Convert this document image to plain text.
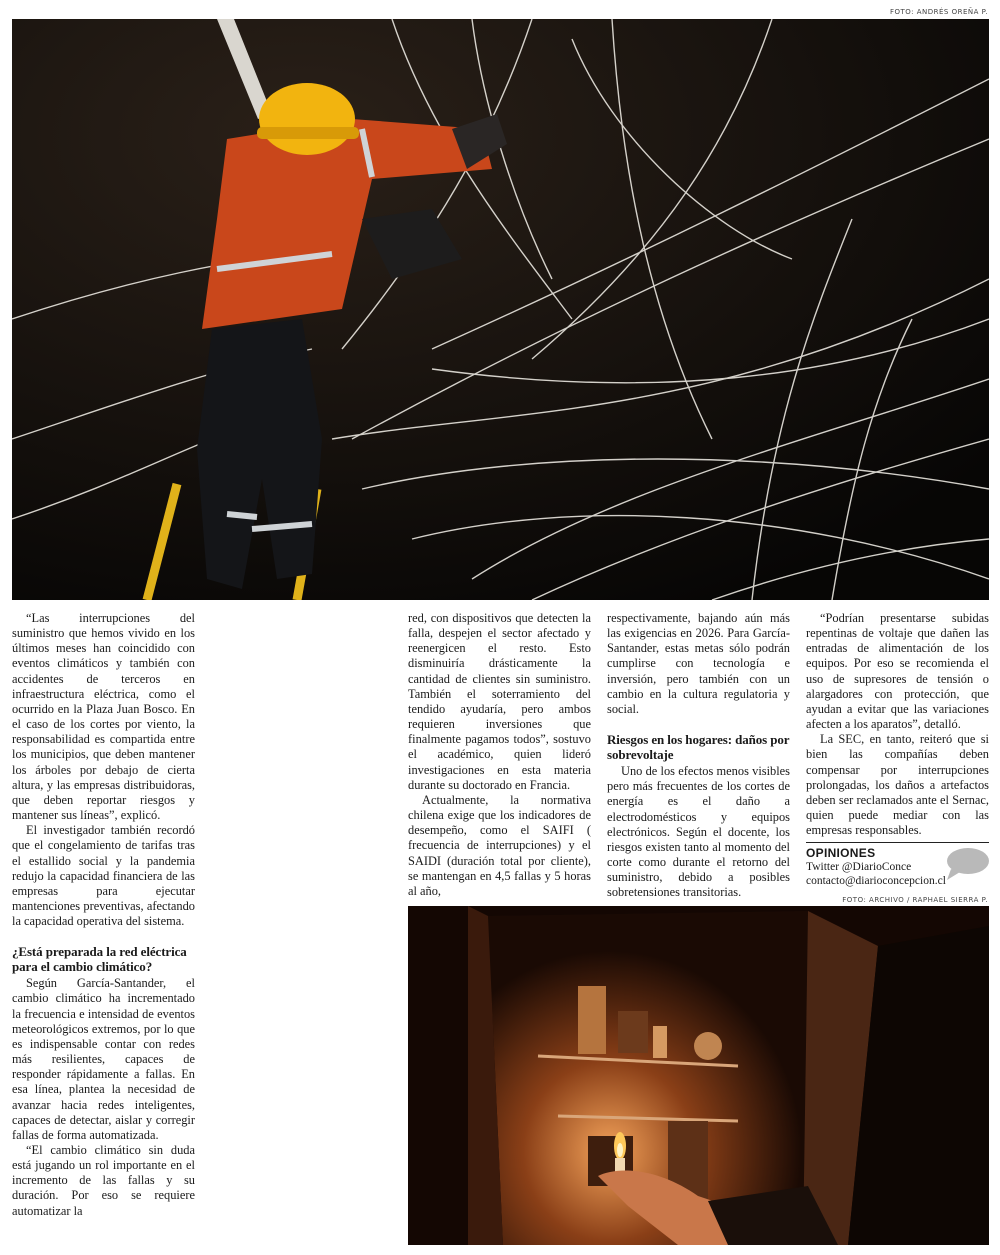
FOTO: ANDRÉS OREÑA P.

“Las interrupciones del suministro que hemos vivido en los últimos meses han coincidido con eventos climáticos y también con accidentes de terceros en infraestructura eléctrica, como el ocurrido en la Plaza Juan Bosco. En el caso de los cortes por viento, la responsabilidad es compartida entre los municipios, que deben mantener los árboles por debajo de cierta altura, y las empresas distribuidoras, que deben reportar riesgos y mantener sus líneas”, explicó.

El investigador también recordó que el congelamiento de tarifas tras el estallido social y la pandemia redujo la capacidad financiera de las empresas para ejecutar mantenciones preventivas, afectando la capacidad operativa del sistema.

¿Está preparada la red eléctrica para el cambio climático?

Según García-Santander, el cambio climático ha incrementado la frecuencia e intensidad de eventos meteorológicos extremos, por lo que es indispensable contar con redes más resilientes, capaces de responder rápidamente a fallas. En esa línea, plantea la necesidad de avanzar hacia redes inteligentes, capaces de detectar, aislar y corregir fallas de forma automatizada.

“El cambio climático sin duda está jugando un rol importante en el incremento de las fallas y su duración. Por eso se requiere automatizar la

red, con dispositivos que detecten la falla, despejen el sector afectado y reenergicen el resto. Esto disminuiría drásticamente la cantidad de clientes sin suministro. También el soterramiento del tendido ayudaría, pero ambos requieren inversiones que finalmente pagamos todos”, sostuvo el académico, quien lideró investigaciones en esta materia durante su doctorado en Francia.

Actualmente, la normativa chilena exige que los indicadores de desempeño, como el SAIFI ( frecuencia de interrupciones) y el SAIDI (duración total por cliente), se mantengan en 4,5 fallas y 5 horas al año,

respectivamente, bajando aún más las exigencias en 2026. Para García-Santander, estas metas sólo podrán cumplirse con tecnología e inversión, pero también con un cambio en la cultura regulatoria y social.

Riesgos en los hogares: daños por sobrevoltaje

Uno de los efectos menos visibles pero más frecuentes de los cortes de energía es el daño a electrodomésticos y equipos electrónicos. Según el docente, los riesgos existen tanto al momento del corte como durante el retorno del suministro, debido a posibles sobretensiones transitorias.

“Podrían presentarse subidas repentinas de voltaje que dañen las entradas de alimentación de los equipos. Por eso se recomienda el uso de supresores de tensión o alargadores con protección, que ayudan a evitar que las variaciones afecten a los aparatos”, detalló.

La SEC, en tanto, reiteró que si bien las compañías deben compensar por interrupciones prolongadas, los daños a artefactos deben ser reclamados ante el Sernac, quien puede mediar con las empresas responsables.

OPINIONES
Twitter @DiarioConce
contacto@diarioconcepcion.cl
FOTO: ARCHIVO / RAPHAEL SIERRA P.
